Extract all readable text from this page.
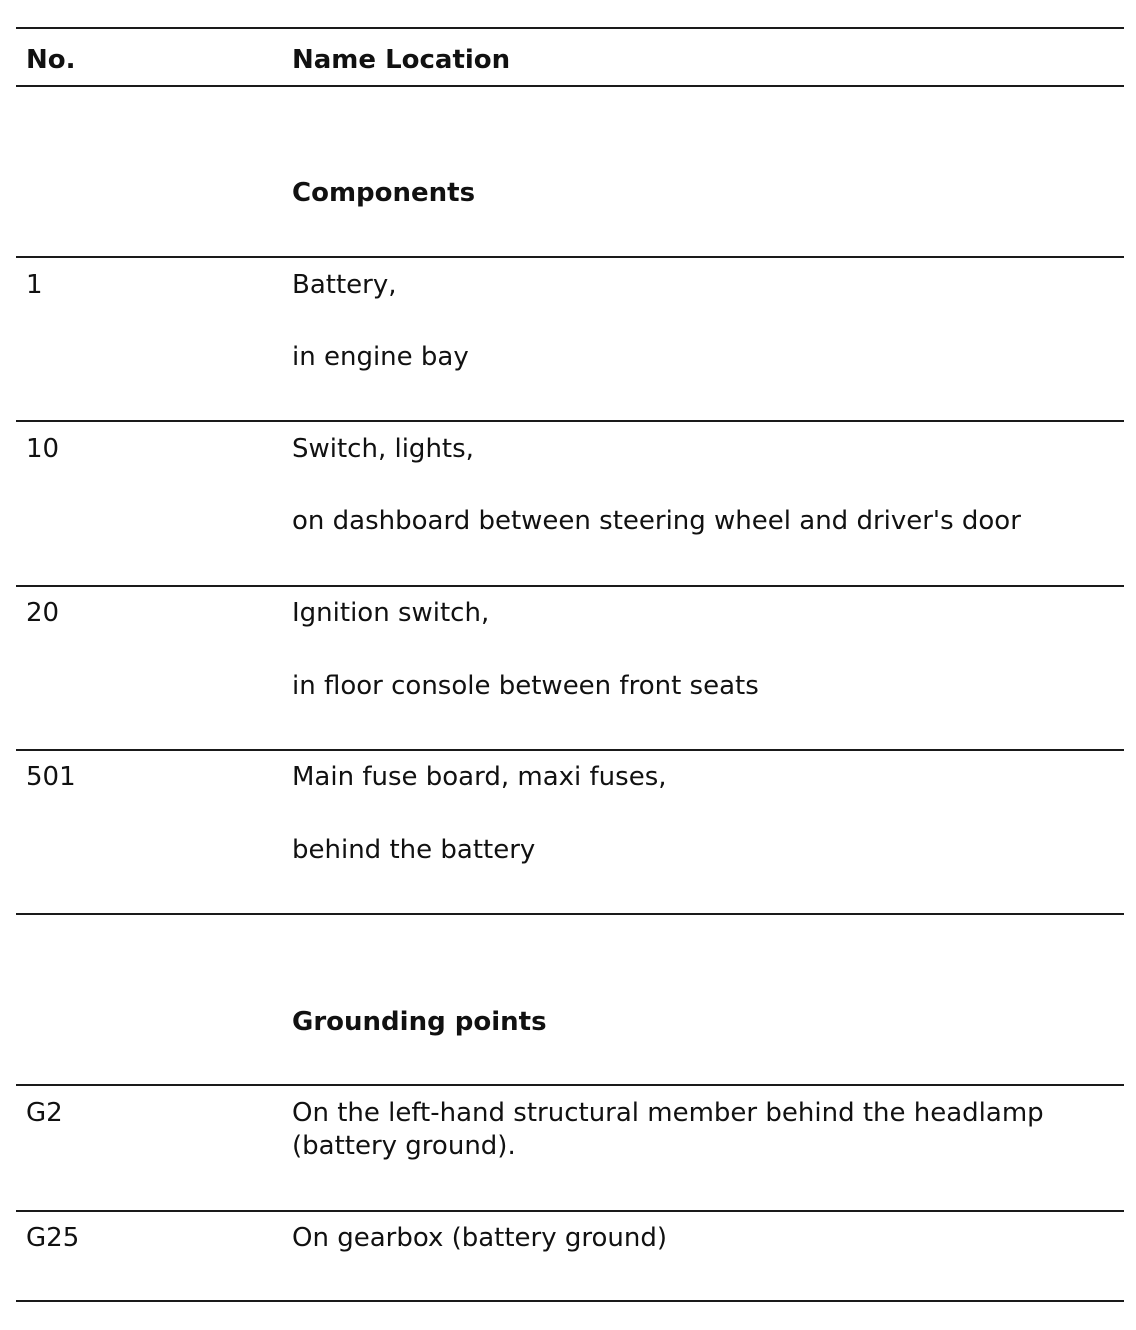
No.	Name Location
Components
1	Battery,
in engine bay
10	Switch, lights,
on dashboard between steering wheel and driver's door
20	Ignition switch,
in floor console between front seats
501	Main fuse board, maxi fuses,
behind the battery
Grounding points
G2	On the left-hand structural member behind the headlamp (battery ground).
G25	On gearbox (battery ground)
